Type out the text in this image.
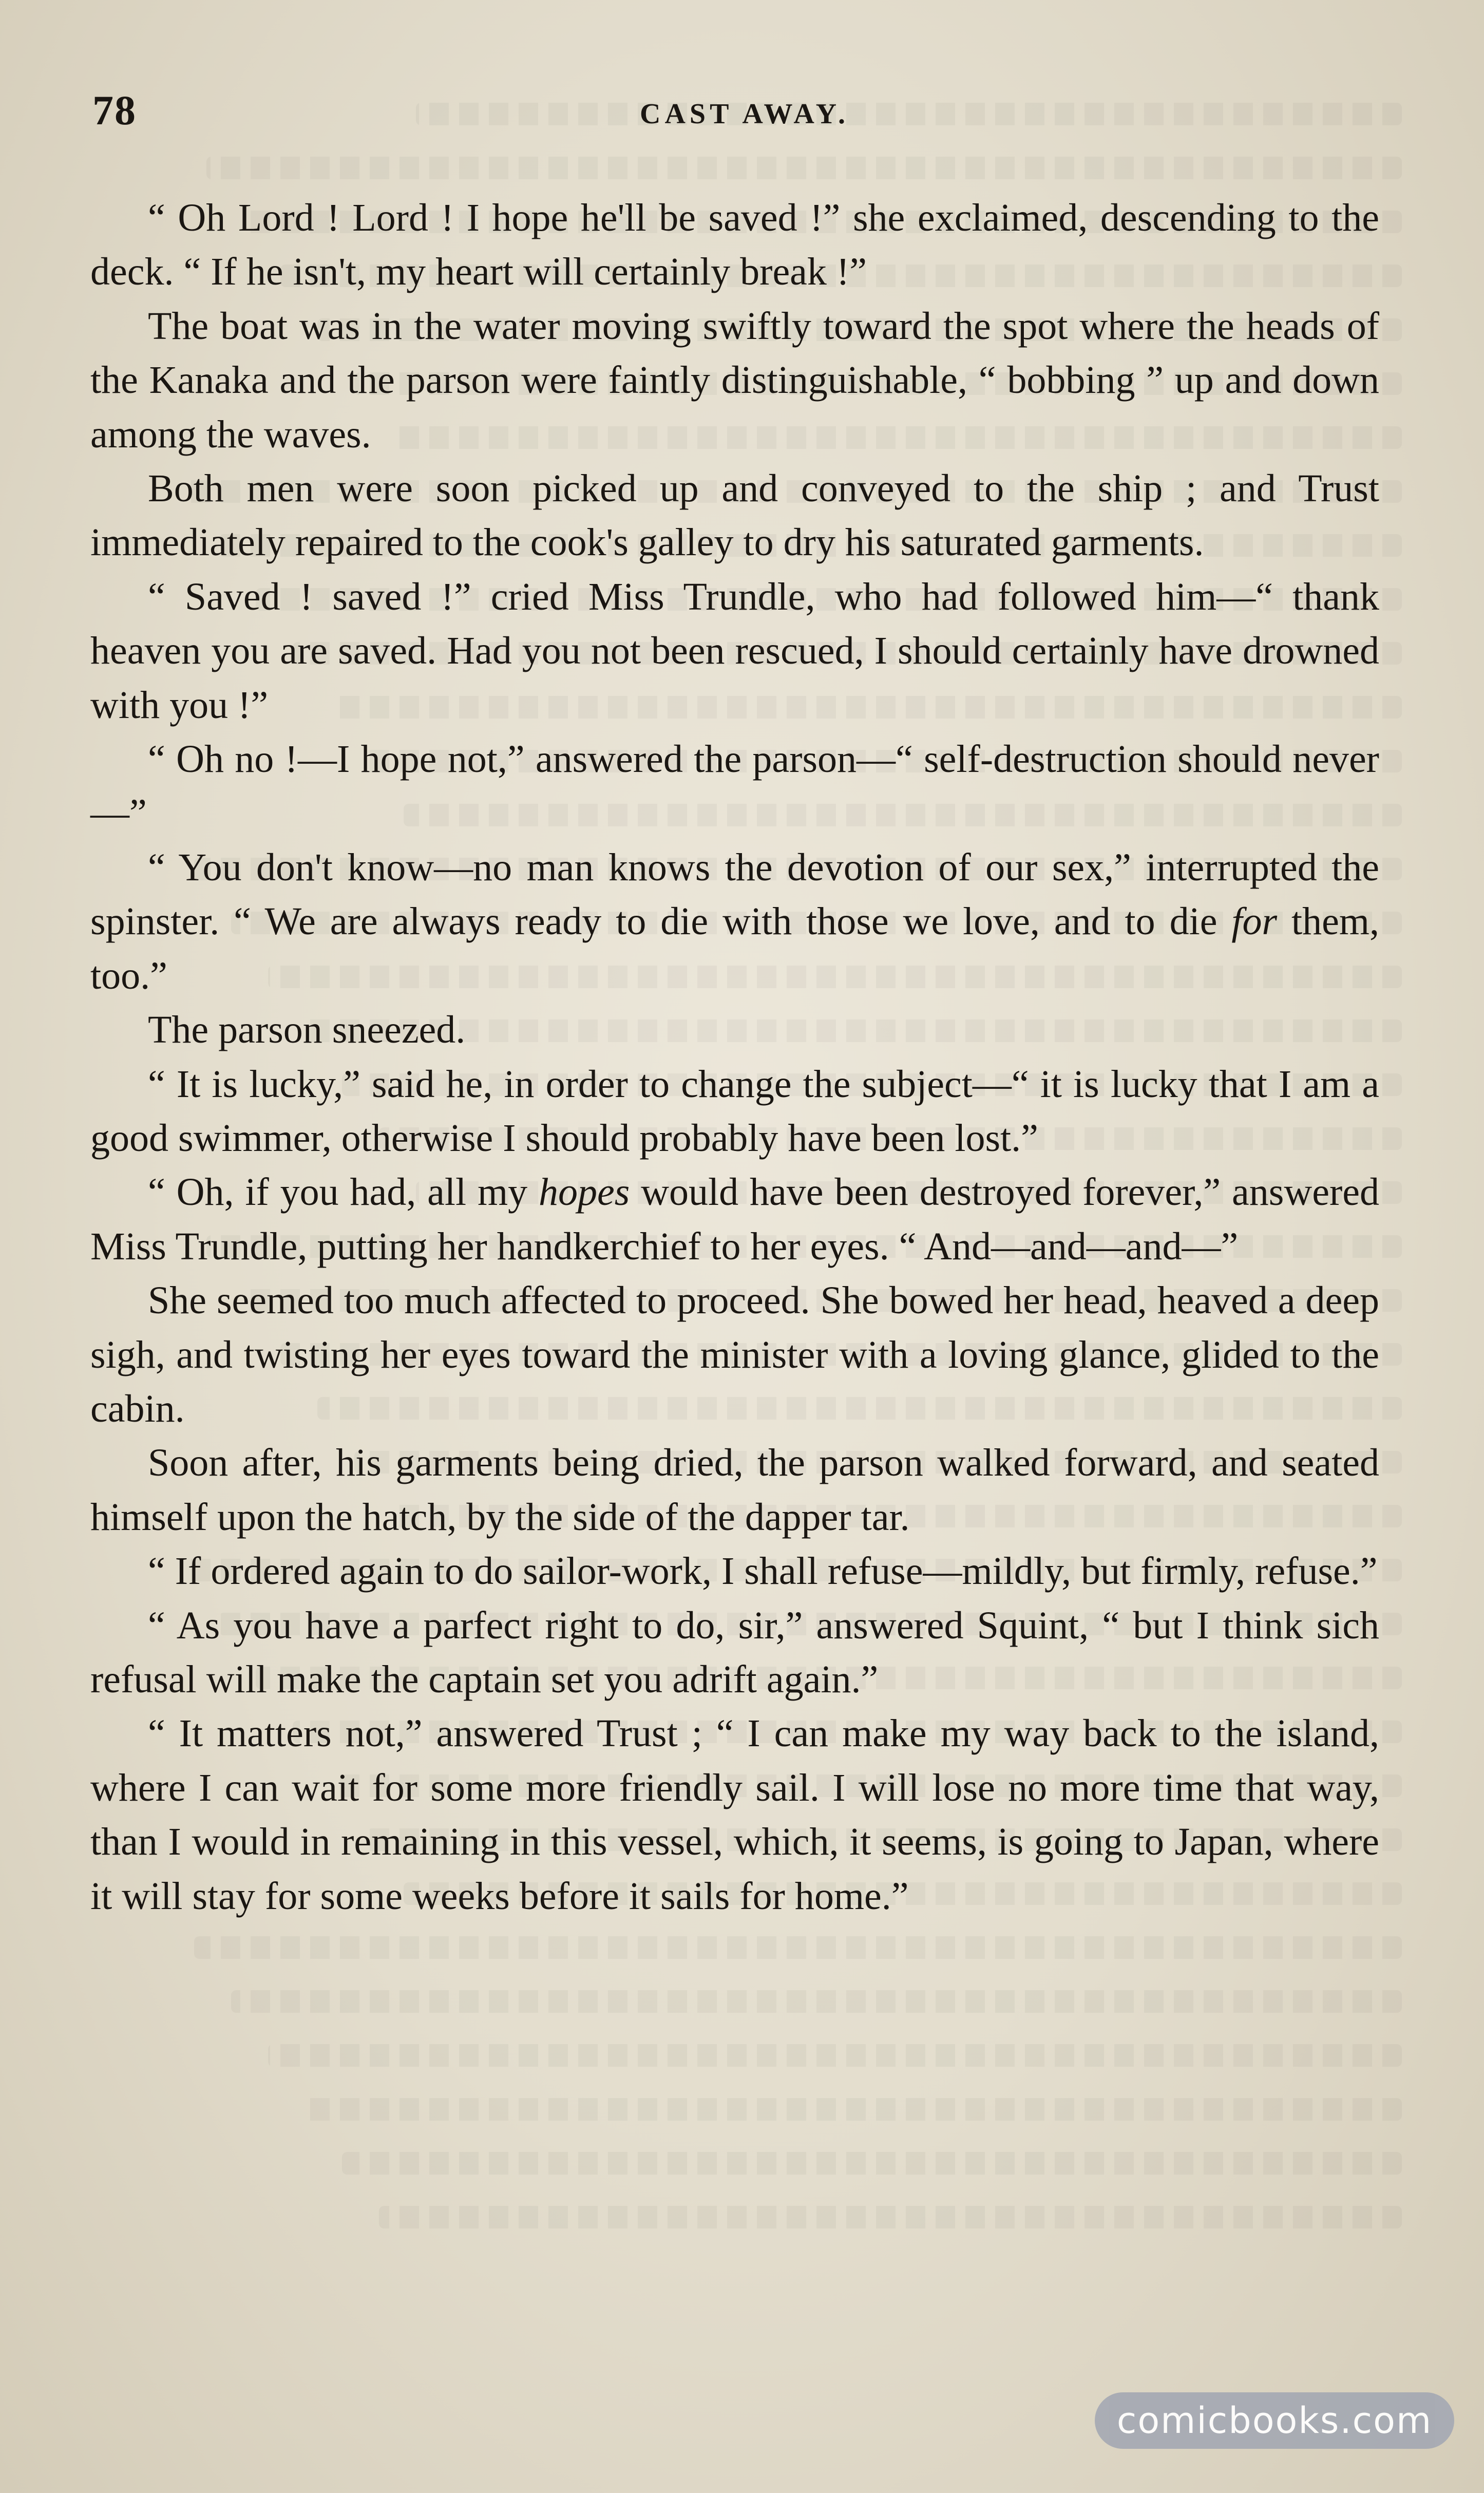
78	CAST AWAY.

“ Oh Lord ! Lord ! I hope he'll be saved !” she exclaimed, descending to the deck. “ If he isn't, my heart will certainly break !”

The boat was in the water moving swiftly toward the spot where the heads of the Kanaka and the parson were faintly distinguishable, “ bobbing ” up and down among the waves.

Both men were soon picked up and conveyed to the ship ; and Trust immediately repaired to the cook's galley to dry his saturated garments.

“ Saved ! saved !” cried Miss Trundle, who had followed him—“ thank heaven you are saved. Had you not been rescued, I should certainly have drowned with you !”

“ Oh no !—I hope not,” answered the parson—“ self-destruction should never—”

“ You don't know—no man knows the devotion of our sex,” interrupted the spinster. “ We are always ready to die with those we love, and to die for them, too.”

The parson sneezed.

“ It is lucky,” said he, in order to change the subject—“ it is lucky that I am a good swimmer, otherwise I should probably have been lost.”

“ Oh, if you had, all my hopes would have been destroyed forever,” answered Miss Trundle, putting her handkerchief to her eyes. “ And—and—and—”

She seemed too much affected to proceed. She bowed her head, heaved a deep sigh, and twisting her eyes toward the minister with a loving glance, glided to the cabin.

Soon after, his garments being dried, the parson walked forward, and seated himself upon the hatch, by the side of the dapper tar.

“ If ordered again to do sailor-work, I shall refuse—mildly, but firmly, refuse.”

“ As you have a parfect right to do, sir,” answered Squint, “ but I think sich refusal will make the captain set you adrift again.”

“ It matters not,” answered Trust ; “ I can make my way back to the island, where I can wait for some more friendly sail. I will lose no more time that way, than I would in remaining in this vessel, which, it seems, is going to Japan, where it will stay for some weeks before it sails for home.”

comicbooks.com
